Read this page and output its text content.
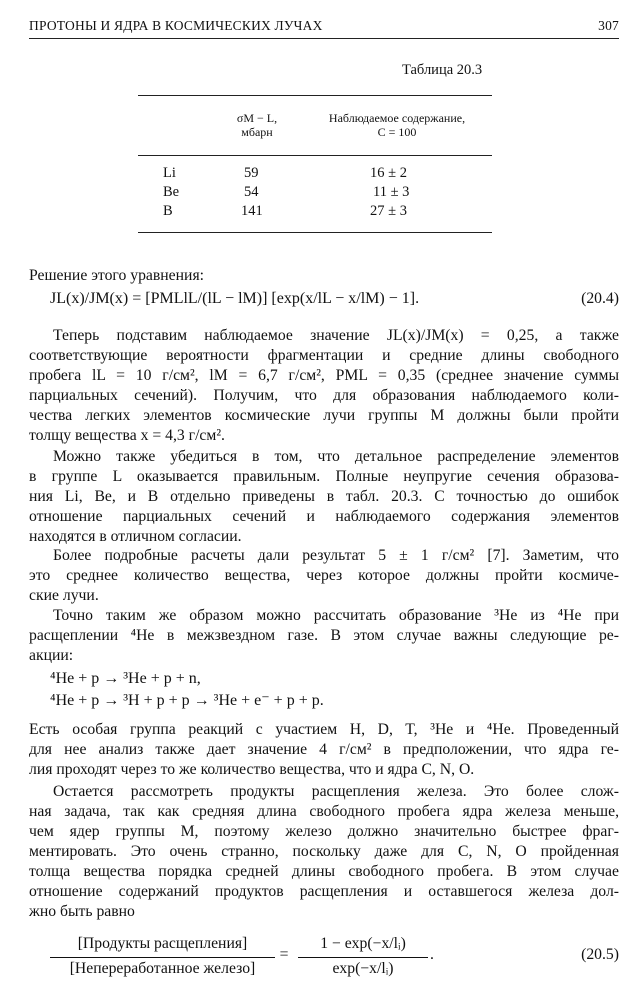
ПРОТОНЫ И ЯДРА В КОСМИЧЕСКИХ ЛУЧАХ	307
Таблица 20.3
σM − L,
мбарн
Наблюдаемое содержание,
C = 100
Li	59	16 ± 2
Be	54	11 ± 3
B	141	27 ± 3
Решение этого уравнения:
JL(x)/JM(x) = [PMLlL/(lL − lM)] [exp(x/lL − x/lM) − 1].	(20.4)
Теперь подставим наблюдаемое значение JL(x)/JM(x) = 0,25, а также
соответствующие вероятности фрагментации и средние длины свободного
пробега lL = 10 г/см², lM = 6,7 г/см², PML = 0,35 (среднее значение суммы
парциальных сечений). Получим, что для образования наблюдаемого коли-
чества легких элементов космические лучи группы M должны были пройти
толщу вещества x = 4,3 г/см².
Можно также убедиться в том, что детальное распределение элементов
в группе L оказывается правильным. Полные неупругие сечения образова-
ния Li, Be, и B отдельно приведены в табл. 20.3. С точностью до ошибок
отношение парциальных сечений и наблюдаемого содержания элементов
находятся в отличном согласии.
Более подробные расчеты дали результат 5 ± 1 г/см² [7]. Заметим, что
это среднее количество вещества, через которое должны пройти космиче-
ские лучи.
Точно таким же образом можно рассчитать образование ³He из ⁴He при
расщеплении ⁴He в межзвездном газе. В этом случае важны следующие ре-
акции:
⁴He + p → ³He + p + n,
⁴He + p → ³H + p + p → ³He + e⁻ + p + p.
Есть особая группа реакций с участием H, D, T, ³He и ⁴He. Проведенный
для нее анализ также дает значение 4 г/см² в предположении, что ядра ге-
лия проходят через то же количество вещества, что и ядра C, N, O.
Остается рассмотреть продукты расщепления железа. Это более слож-
ная задача, так как средняя длина свободного пробега ядра железа меньше,
чем ядер группы M, поэтому железо должно значительно быстрее фраг-
ментировать. Это очень странно, поскольку даже для C, N, O пройденная
толща вещества порядка средней длины свободного пробега. В этом случае
отношение содержаний продуктов расщепления и оставшегося железа дол-
жно быть равно
[Продукты расщепления]
[Непереработанное железо]
=
1 − exp(−x/lᵢ)
exp(−x/lᵢ)
.	(20.5)
